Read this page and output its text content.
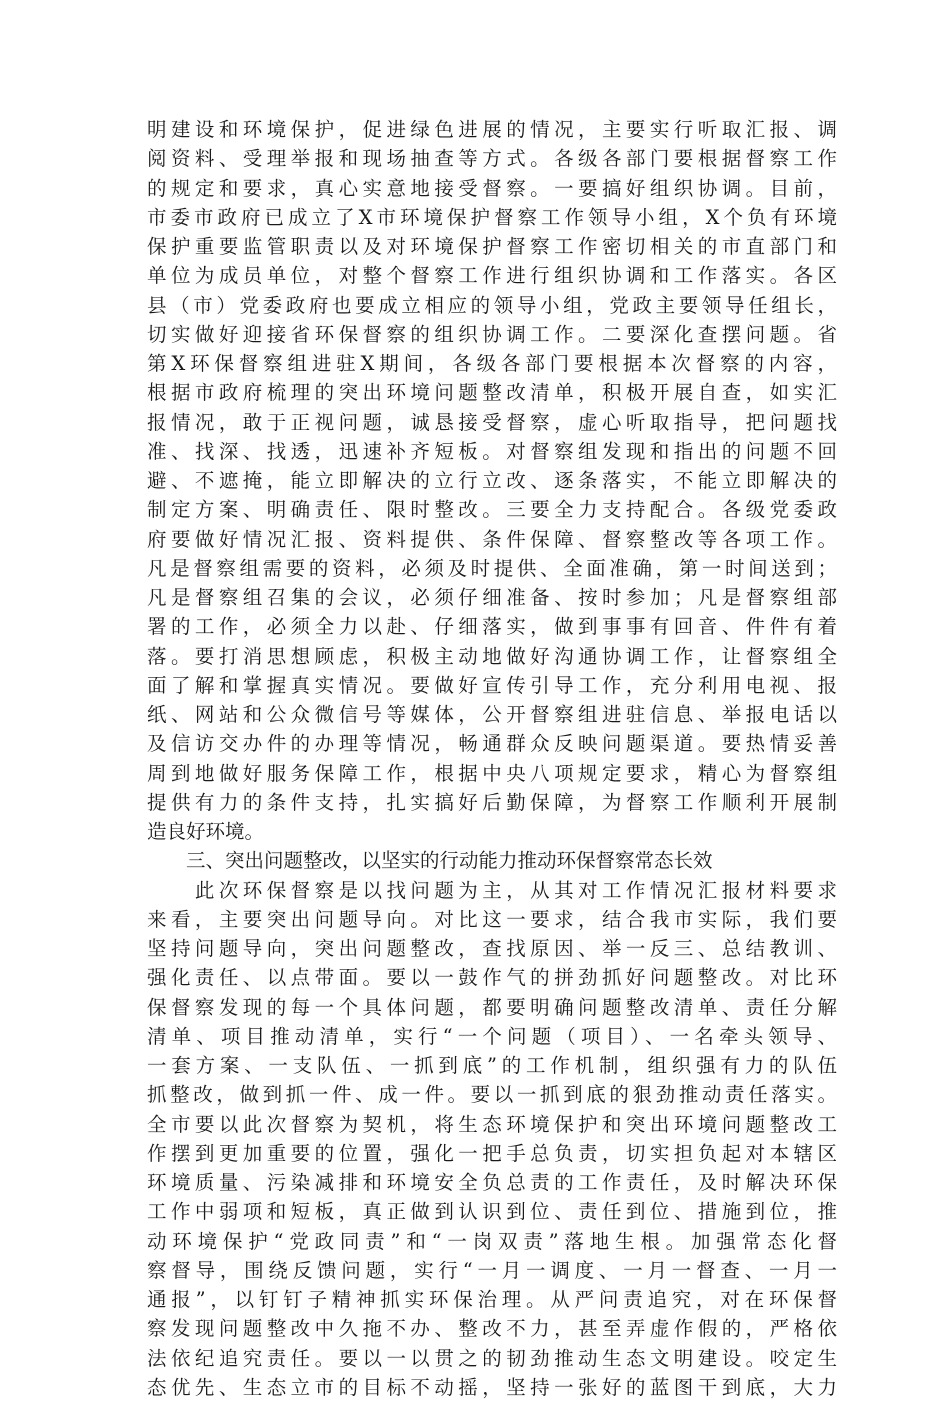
明建设和环境保护，促进绿色进展的情况，主要实行听取汇报、调
阅资料、受理举报和现场抽查等方式。各级各部门要根据督察工作
的规定和要求，真心实意地接受督察。一要搞好组织协调。目前，
市委市政府已成立了X市环境保护督察工作领导小组，X个负有环境
保护重要监管职责以及对环境保护督察工作密切相关的市直部门和
单位为成员单位，对整个督察工作进行组织协调和工作落实。各区
县（市）党委政府也要成立相应的领导小组，党政主要领导任组长，
切实做好迎接省环保督察的组织协调工作。二要深化查摆问题。省
第X环保督察组进驻X期间，各级各部门要根据本次督察的内容，
根据市政府梳理的突出环境问题整改清单，积极开展自查，如实汇
报情况，敢于正视问题，诚恳接受督察，虚心听取指导，把问题找
准、找深、找透，迅速补齐短板。对督察组发现和指出的问题不回
避、不遮掩，能立即解决的立行立改、逐条落实，不能立即解决的
制定方案、明确责任、限时整改。三要全力支持配合。各级党委政
府要做好情况汇报、资料提供、条件保障、督察整改等各项工作。
凡是督察组需要的资料，必须及时提供、全面准确，第一时间送到；
凡是督察组召集的会议，必须仔细准备、按时参加；凡是督察组部
署的工作，必须全力以赴、仔细落实，做到事事有回音、件件有着
落。要打消思想顾虑，积极主动地做好沟通协调工作，让督察组全
面了解和掌握真实情况。要做好宣传引导工作，充分利用电视、报
纸、网站和公众微信号等媒体，公开督察组进驻信息、举报电话以
及信访交办件的办理等情况，畅通群众反映问题渠道。要热情妥善
周到地做好服务保障工作，根据中央八项规定要求，精心为督察组
提供有力的条件支持，扎实搞好后勤保障，为督察工作顺利开展制
造良好环境。
　　三、突出问题整改，以坚实的行动能力推动环保督察常态长效
　　此次环保督察是以找问题为主，从其对工作情况汇报材料要求
来看，主要突出问题导向。对比这一要求，结合我市实际，我们要
坚持问题导向，突出问题整改，查找原因、举一反三、总结教训、
强化责任、以点带面。要以一鼓作气的拼劲抓好问题整改。对比环
保督察发现的每一个具体问题，都要明确问题整改清单、责任分解
清单、项目推动清单，实行“一个问题（项目）、一名牵头领导、
一套方案、一支队伍、一抓到底”的工作机制，组织强有力的队伍
抓整改，做到抓一件、成一件。要以一抓到底的狠劲推动责任落实。
全市要以此次督察为契机，将生态环境保护和突出环境问题整改工
作摆到更加重要的位置，强化一把手总负责，切实担负起对本辖区
环境质量、污染减排和环境安全负总责的工作责任，及时解决环保
工作中弱项和短板，真正做到认识到位、责任到位、措施到位，推
动环境保护“党政同责”和“一岗双责”落地生根。加强常态化督
察督导，围绕反馈问题，实行“一月一调度、一月一督查、一月一
通报”，以钉钉子精神抓实环保治理。从严问责追究，对在环保督
察发现问题整改中久拖不办、整改不力，甚至弄虚作假的，严格依
法依纪追究责任。要以一以贯之的韧劲推动生态文明建设。咬定生
态优先、生态立市的目标不动摇，坚持一张好的蓝图干到底，大力
